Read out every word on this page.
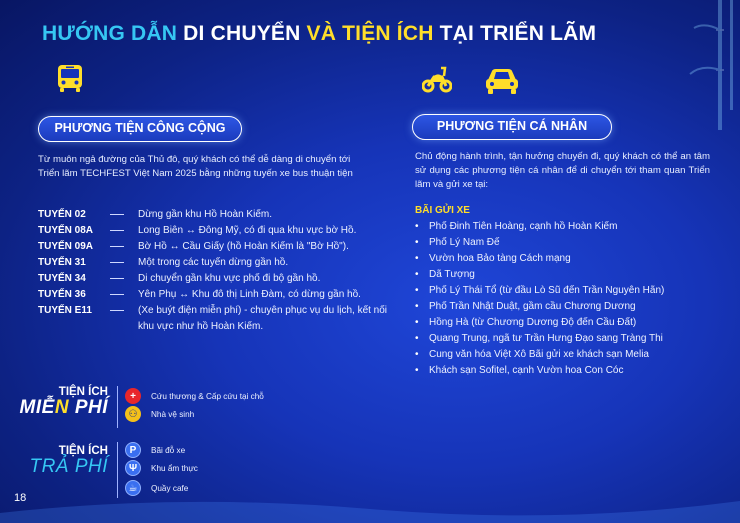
HƯỚNG DẪN DI CHUYỂN VÀ TIỆN ÍCH TẠI TRIỂN LÃM
PHƯƠNG TIỆN CÔNG CỘNG	PHƯƠNG TIỆN CÁ NHÂN

Từ muôn ngả đường của Thủ đô, quý khách có thể dễ dàng di chuyển tới Triển lãm TECHFEST Việt Nam 2025 bằng những tuyến xe bus thuận tiện

Chủ động hành trình, tận hưởng chuyến đi, quý khách có thể an tâm sử dụng các phương tiện cá nhân để di chuyển tới tham quan Triển lãm và gửi xe tại:

TUYẾN 02	Dừng gần khu Hồ Hoàn Kiếm.
TUYẾN 08A	Long Biên ↔ Đông Mỹ, có đi qua khu vực bờ Hồ.
TUYẾN 09A	Bờ Hồ ↔ Cầu Giấy (hồ Hoàn Kiếm là "Bờ Hồ").
TUYẾN 31	Một trong các tuyến dừng gần hồ.
TUYẾN 34	Di chuyển gần khu vực phố đi bộ gần hồ.
TUYẾN 36	Yên Phụ ↔ Khu đô thị Linh Đàm, có dừng gần hồ.
TUYẾN E11	(Xe buýt điện miễn phí) - chuyên phục vụ du lịch, kết nối khu vực như hồ Hoàn Kiếm.
BÃI GỬI XE
• Phố Đinh Tiên Hoàng, cạnh hồ Hoàn Kiếm
• Phố Lý Nam Đế
• Vườn hoa Bảo tàng Cách mạng
• Dã Tượng
• Phố Lý Thái Tổ (từ đầu Lò Sũ đến Trần Nguyên Hãn)
• Phố Trần Nhật Duật, gầm cầu Chương Dương
• Hồng Hà (từ Chương Dương Độ đến Cầu Đất)
• Quang Trung, ngã tư Trần Hưng Đạo sang Tràng Thi
• Cung văn hóa Việt Xô Bãi gửi xe khách sạn Melia
• Khách sạn Sofitel, cạnh Vườn hoa Con Cóc
TIỆN ÍCH
MIỄN PHÍ
+	Cứu thương & Cấp cứu tại chỗ
⚇	Nhà vệ sinh
TIỆN ÍCH
TRẢ PHÍ
P	Bãi đỗ xe
Ψ	Khu ẩm thực
☕	Quầy cafe
18
